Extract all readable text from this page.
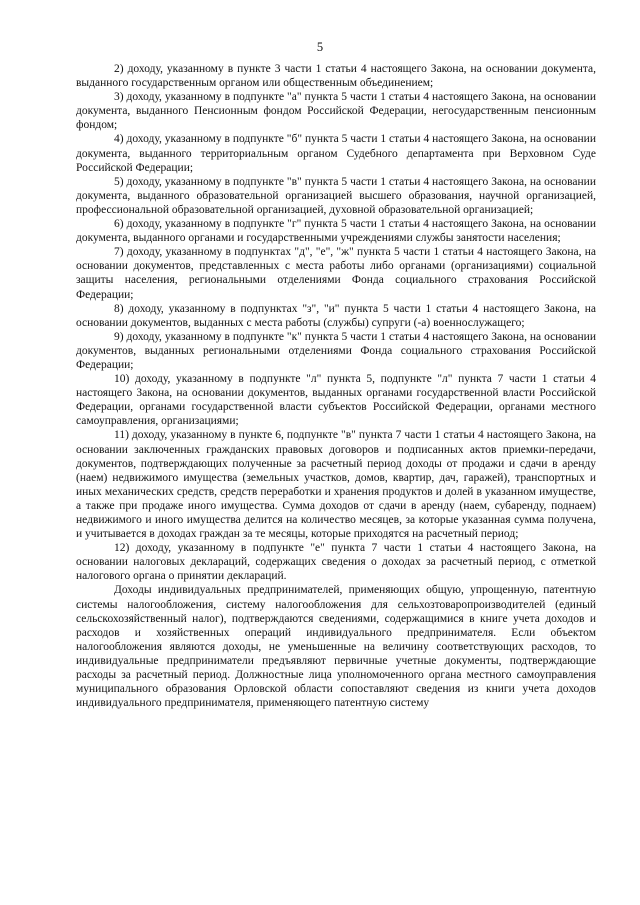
5

2) доходу, указанному в пункте 3 части 1 статьи 4 настоящего Закона, на основании документа, выданного государственным органом или общественным объединением;

3) доходу, указанному в подпункте "а" пункта 5 части 1 статьи 4 настоящего Закона, на основании документа, выданного Пенсионным фондом Российской Федерации, негосударственным пенсионным фондом;

4) доходу, указанному в подпункте "б" пункта 5 части 1 статьи 4 настоящего Закона, на основании документа, выданного территориальным органом Судебного департамента при Верховном Суде Российской Федерации;

5) доходу, указанному в подпункте "в" пункта 5 части 1 статьи 4 настоящего Закона, на основании документа, выданного образовательной организацией высшего образования, научной организацией, профессиональной образовательной организацией, духовной образовательной организацией;

6) доходу, указанному в подпункте "г" пункта 5 части 1 статьи 4 настоящего Закона, на основании документа, выданного органами и государственными учреждениями службы занятости населения;

7) доходу, указанному в подпунктах "д", "е", "ж" пункта 5 части 1 статьи 4 настоящего Закона, на основании документов, представленных с места работы либо органами (организациями) социальной защиты населения, региональными отделениями Фонда социального страхования Российской Федерации;

8) доходу, указанному в подпунктах "з", "и" пункта 5 части 1 статьи 4 настоящего Закона, на основании документов, выданных с места работы (службы) супруги (-а) военнослужащего;

9) доходу, указанному в подпункте "к" пункта 5 части 1 статьи 4 настоящего Закона, на основании документов, выданных региональными отделениями Фонда социального страхования Российской Федерации;

10) доходу, указанному в подпункте "л" пункта 5, подпункте "л" пункта 7 части 1 статьи 4 настоящего Закона, на основании документов, выданных органами государственной власти Российской Федерации, органами государственной власти субъектов Российской Федерации, органами местного самоуправления, организациями;

11) доходу, указанному в пункте 6, подпункте "в" пункта 7 части 1 статьи 4 настоящего Закона, на основании заключенных гражданских правовых договоров и подписанных актов приемки-передачи, документов, подтверждающих полученные за расчетный период доходы от продажи и сдачи в аренду (наем) недвижимого имущества (земельных участков, домов, квартир, дач, гаражей), транспортных и иных механических средств, средств переработки и хранения продуктов и долей в указанном имуществе, а также при продаже иного имущества. Сумма доходов от сдачи в аренду (наем, субаренду, поднаем) недвижимого и иного имущества делится на количество месяцев, за которые указанная сумма получена, и учитывается в доходах граждан за те месяцы, которые приходятся на расчетный период;

12) доходу, указанному в подпункте "е" пункта 7 части 1 статьи 4 настоящего Закона, на основании налоговых деклараций, содержащих сведения о доходах за расчетный период, с отметкой налогового органа о принятии деклараций.

Доходы индивидуальных предпринимателей, применяющих общую, упрощенную, патентную системы налогообложения, систему налогообложения для сельхозтоваропроизводителей (единый сельскохозяйственный налог), подтверждаются сведениями, содержащимися в книге учета доходов и расходов и хозяйственных операций индивидуального предпринимателя. Если объектом налогообложения являются доходы, не уменьшенные на величину соответствующих расходов, то индивидуальные предприниматели предъявляют первичные учетные документы, подтверждающие расходы за расчетный период. Должностные лица уполномоченного органа местного самоуправления муниципального образования Орловской области сопоставляют сведения из книги учета доходов индивидуального предпринимателя, применяющего патентную систему
